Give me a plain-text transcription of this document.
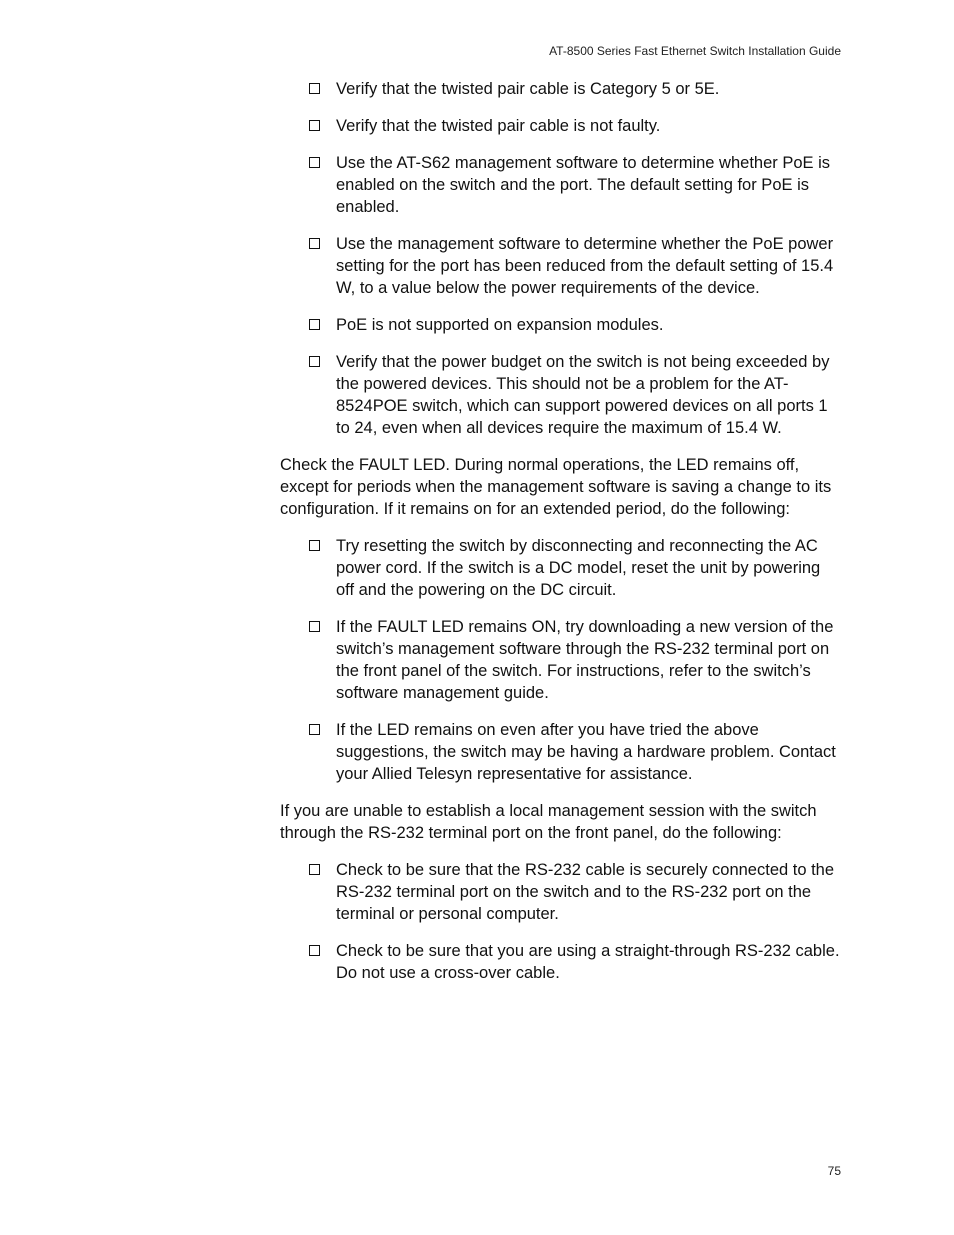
AT-8500 Series Fast Ethernet Switch Installation Guide
Verify that the twisted pair cable is Category 5 or 5E.
Verify that the twisted pair cable is not faulty.
Use the AT-S62 management software to determine whether PoE is enabled on the switch and the port. The default setting for PoE is enabled.
Use the management software to determine whether the PoE power setting for the port has been reduced from the default setting of 15.4 W, to a value below the power requirements of the device.
PoE is not supported on expansion modules.
Verify that the power budget on the switch is not being exceeded by the powered devices. This should not be a problem for the AT-8524POE switch, which can support powered devices on all ports 1 to 24, even when all devices require the maximum of 15.4 W.

Check the FAULT LED. During normal operations, the LED remains off, except for periods when the management software is saving a change to its configuration. If it remains on for an extended period, do the following:

Try resetting the switch by disconnecting and reconnecting the AC power cord. If the switch is a DC model, reset the unit by powering off and the powering on the DC circuit.
If the FAULT LED remains ON, try downloading a new version of the switch’s management software through the RS-232 terminal port on the front panel of the switch. For instructions, refer to the switch’s software management guide.
If the LED remains on even after you have tried the above suggestions, the switch may be having a hardware problem. Contact your Allied Telesyn representative for assistance.

If you are unable to establish a local management session with the switch through the RS-232 terminal port on the front panel, do the following:

Check to be sure that the RS-232 cable is securely connected to the RS-232 terminal port on the switch and to the RS-232 port on the terminal or personal computer.
Check to be sure that you are using a straight-through RS-232 cable. Do not use a cross-over cable.
75
